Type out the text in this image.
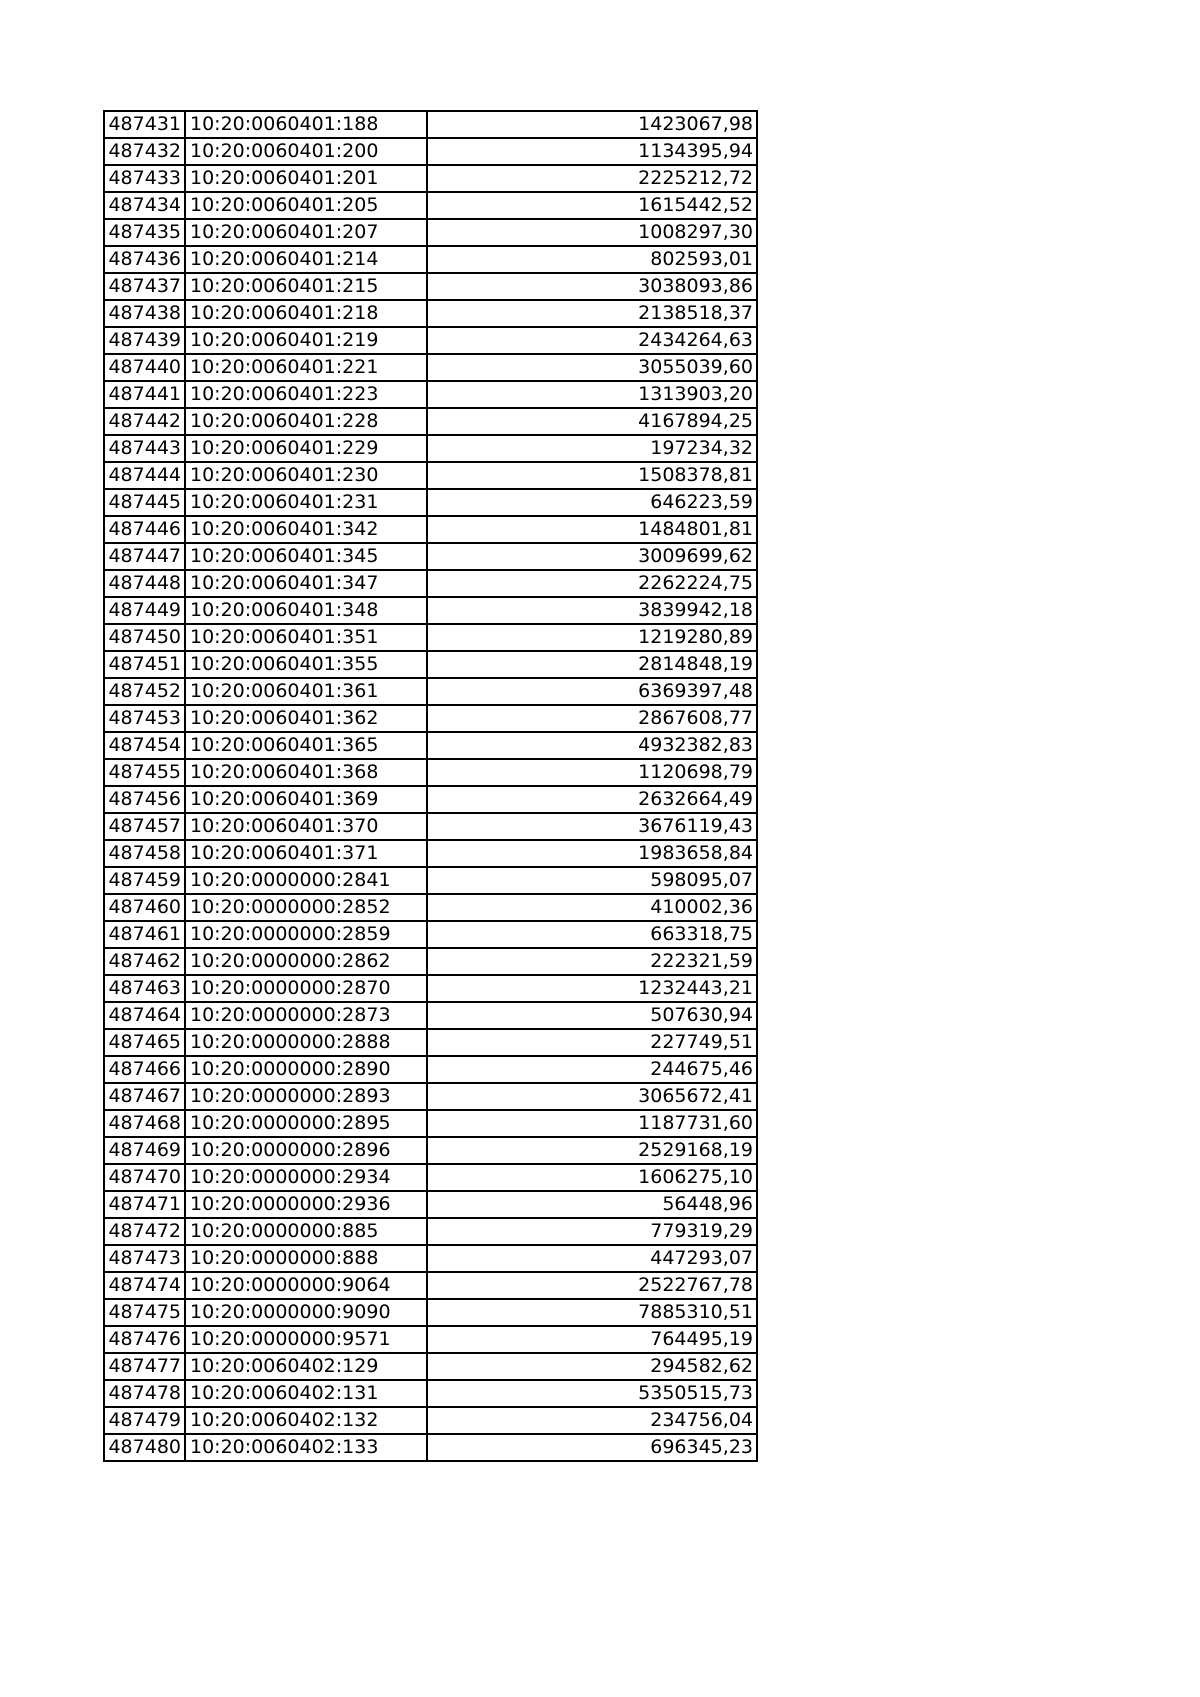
487431	10:20:0060401:188	1423067,98
487432	10:20:0060401:200	1134395,94
487433	10:20:0060401:201	2225212,72
487434	10:20:0060401:205	1615442,52
487435	10:20:0060401:207	1008297,30
487436	10:20:0060401:214	802593,01
487437	10:20:0060401:215	3038093,86
487438	10:20:0060401:218	2138518,37
487439	10:20:0060401:219	2434264,63
487440	10:20:0060401:221	3055039,60
487441	10:20:0060401:223	1313903,20
487442	10:20:0060401:228	4167894,25
487443	10:20:0060401:229	197234,32
487444	10:20:0060401:230	1508378,81
487445	10:20:0060401:231	646223,59
487446	10:20:0060401:342	1484801,81
487447	10:20:0060401:345	3009699,62
487448	10:20:0060401:347	2262224,75
487449	10:20:0060401:348	3839942,18
487450	10:20:0060401:351	1219280,89
487451	10:20:0060401:355	2814848,19
487452	10:20:0060401:361	6369397,48
487453	10:20:0060401:362	2867608,77
487454	10:20:0060401:365	4932382,83
487455	10:20:0060401:368	1120698,79
487456	10:20:0060401:369	2632664,49
487457	10:20:0060401:370	3676119,43
487458	10:20:0060401:371	1983658,84
487459	10:20:0000000:2841	598095,07
487460	10:20:0000000:2852	410002,36
487461	10:20:0000000:2859	663318,75
487462	10:20:0000000:2862	222321,59
487463	10:20:0000000:2870	1232443,21
487464	10:20:0000000:2873	507630,94
487465	10:20:0000000:2888	227749,51
487466	10:20:0000000:2890	244675,46
487467	10:20:0000000:2893	3065672,41
487468	10:20:0000000:2895	1187731,60
487469	10:20:0000000:2896	2529168,19
487470	10:20:0000000:2934	1606275,10
487471	10:20:0000000:2936	56448,96
487472	10:20:0000000:885	779319,29
487473	10:20:0000000:888	447293,07
487474	10:20:0000000:9064	2522767,78
487475	10:20:0000000:9090	7885310,51
487476	10:20:0000000:9571	764495,19
487477	10:20:0060402:129	294582,62
487478	10:20:0060402:131	5350515,73
487479	10:20:0060402:132	234756,04
487480	10:20:0060402:133	696345,23
